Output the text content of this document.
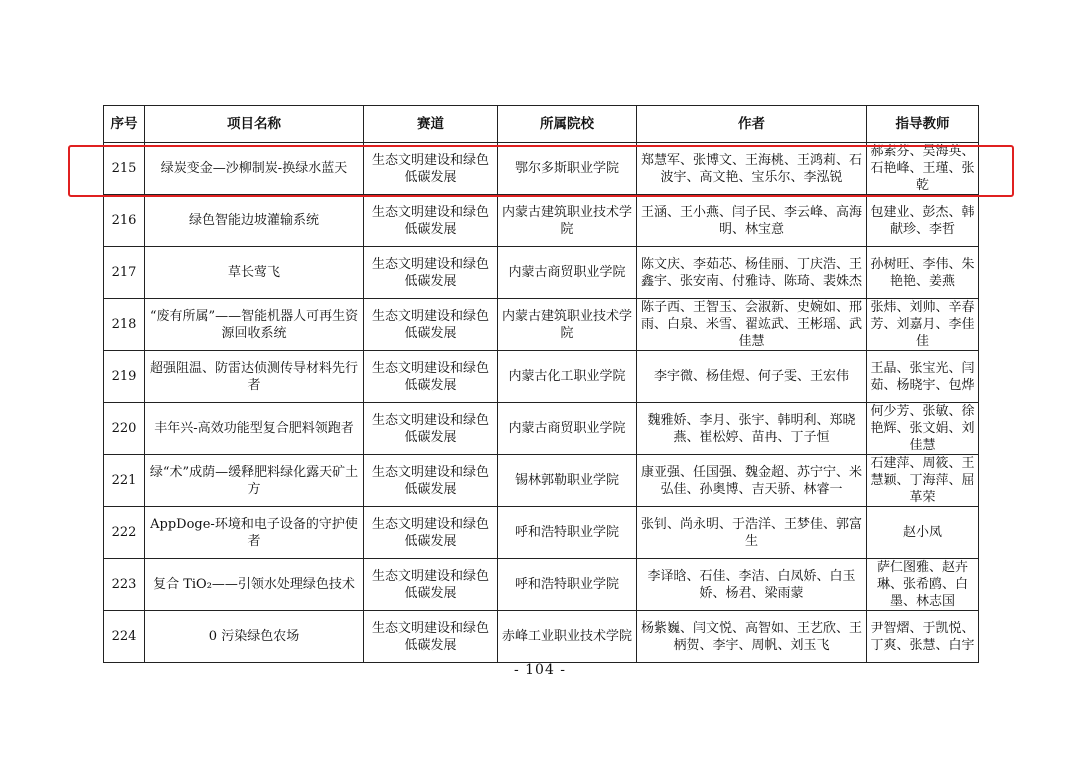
序号	项目名称	赛道	所属院校	作者	指导教师
215	绿炭变金—沙柳制炭-换绿水蓝天	生态文明建设和绿色低碳发展	鄂尔多斯职业学院	郑慧军、张博文、王海桃、王鸿莉、石波宇、高文艳、宝乐尔、李泓锐	郝素芬、吴海英、石艳峰、王瑾、张乾
216	绿色智能边坡灌输系统	生态文明建设和绿色低碳发展	内蒙古建筑职业技术学院	王涵、王小燕、闫子民、李云峰、高海明、林宝意	包建业、彭杰、韩献珍、李哲
217	草长莺飞	生态文明建设和绿色低碳发展	内蒙古商贸职业学院	陈文庆、李茹芯、杨佳丽、丁庆浩、王鑫宇、张安南、付雅诗、陈琦、裴姝杰	孙树旺、李伟、朱艳艳、姜燕
218	“废有所属”——智能机器人可再生资源回收系统	生态文明建设和绿色低碳发展	内蒙古建筑职业技术学院	陈子西、王智玉、会淑新、史婉如、邢雨、白泉、米雪、翟竑武、王彬瑶、武佳慧	张炜、刘帅、辛春芳、刘嘉月、李佳佳
219	超强阻温、防雷达侦测传导材料先行者	生态文明建设和绿色低碳发展	内蒙古化工职业学院	李宇微、杨佳煜、何子雯、王宏伟	王晶、张宝光、闫茹、杨晓宇、包烨
220	丰年兴-高效功能型复合肥料领跑者	生态文明建设和绿色低碳发展	内蒙古商贸职业学院	魏雅娇、李月、张宇、韩明利、郑晓燕、崔松婷、苗冉、丁子恒	何少芳、张敏、徐艳辉、张文娟、刘佳慧
221	绿“术”成荫—缓释肥料绿化露天矿土方	生态文明建设和绿色低碳发展	锡林郭勒职业学院	康亚强、任国强、魏金超、苏宁宁、米弘佳、孙奥博、吉天骄、林睿一	石建萍、周筱、王慧颖、丁海萍、屈革荣
222	AppDoge-环境和电子设备的守护使者	生态文明建设和绿色低碳发展	呼和浩特职业学院	张钊、尚永明、于浩洋、王梦佳、郭富生	赵小凤
223	复合 TiO₂——引领水处理绿色技术	生态文明建设和绿色低碳发展	呼和浩特职业学院	李译晗、石佳、李洁、白凤娇、白玉娇、杨君、梁雨蒙	萨仁图雅、赵卉琳、张希鸥、白墨、林志国
224	0 污染绿色农场	生态文明建设和绿色低碳发展	赤峰工业职业技术学院	杨紫巍、闫文悦、高智如、王艺欣、王柄贺、李宇、周帆、刘玉飞	尹智熠、于凯悦、丁爽、张慧、白宇
- 104 -
